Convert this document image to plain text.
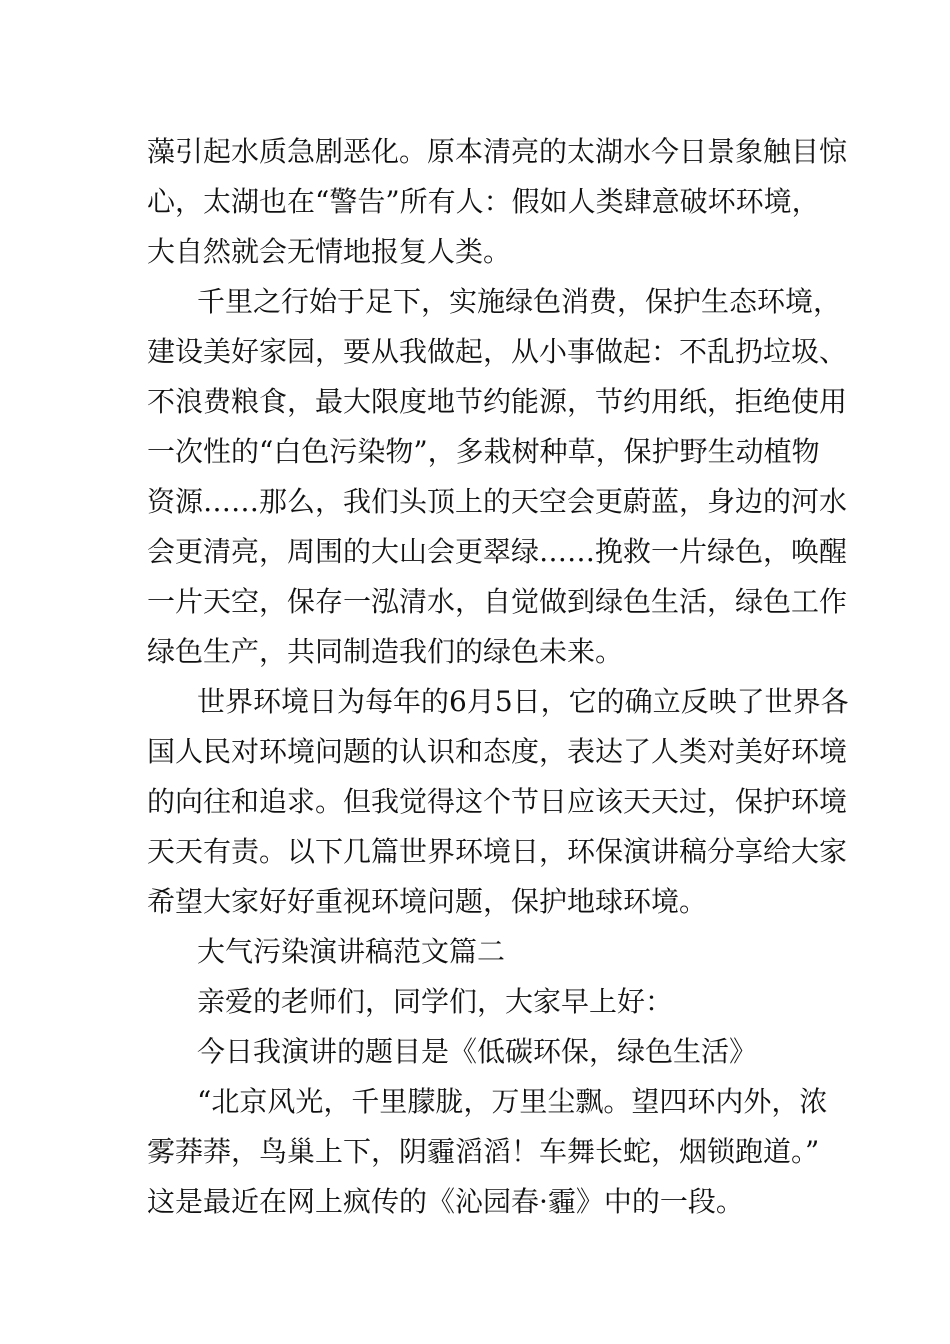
藻引起水质急剧恶化。原本清亮的太湖水今日景象触目惊
心，太湖也在“警告”所有人：假如人类肆意破坏环境，
大自然就会无情地报复人类。
千里之行始于足下，实施绿色消费，保护生态环境，
建设美好家园，要从我做起，从小事做起：不乱扔垃圾、
不浪费粮食，最大限度地节约能源，节约用纸，拒绝使用
一次性的“白色污染物”，多栽树种草，保护野生动植物
资源……那么，我们头顶上的天空会更蔚蓝，身边的河水
会更清亮，周围的大山会更翠绿……挽救一片绿色，唤醒
一片天空，保存一泓清水，自觉做到绿色生活，绿色工作
绿色生产，共同制造我们的绿色未来。
世界环境日为每年的6月5日，它的确立反映了世界各
国人民对环境问题的认识和态度，表达了人类对美好环境
的向往和追求。但我觉得这个节日应该天天过，保护环境
天天有责。以下几篇世界环境日，环保演讲稿分享给大家
希望大家好好重视环境问题，保护地球环境。
大气污染演讲稿范文篇二
亲爱的老师们，同学们，大家早上好：
今日我演讲的题目是《低碳环保，绿色生活》
“北京风光，千里朦胧，万里尘飘。望四环内外，浓
雾莽莽，鸟巢上下，阴霾滔滔！车舞长蛇，烟锁跑道。”
这是最近在网上疯传的《沁园春·霾》中的一段。
